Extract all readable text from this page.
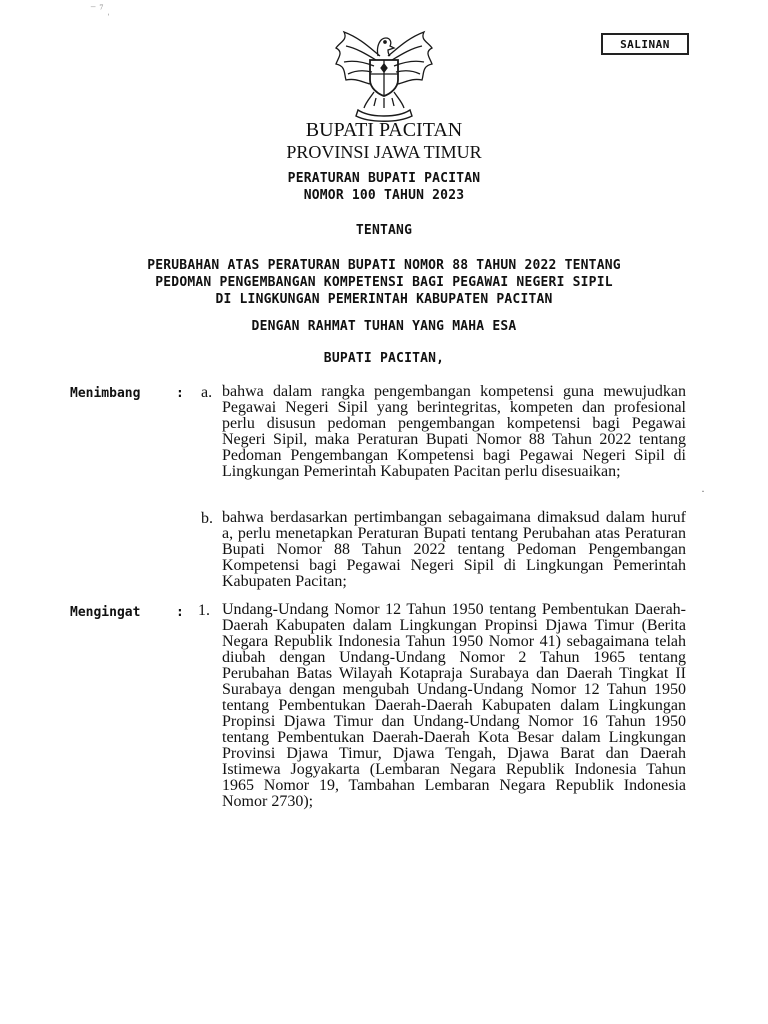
SALINAN
⁻ ⁷ ˌ
BUPATI PACITAN
PROVINSI JAWA TIMUR
PERATURAN BUPATI PACITAN
NOMOR 100 TAHUN 2023
TENTANG
PERUBAHAN ATAS PERATURAN BUPATI NOMOR 88 TAHUN 2022 TENTANG
PEDOMAN PENGEMBANGAN KOMPETENSI BAGI PEGAWAI NEGERI SIPIL
DI LINGKUNGAN PEMERINTAH KABUPATEN PACITAN
DENGAN RAHMAT TUHAN YANG MAHA ESA
BUPATI PACITAN,
Menimbang	: a. bahwa dalam rangka pengembangan kompetensi guna mewujudkan Pegawai Negeri Sipil yang berintegritas, kompeten dan profesional perlu disusun pedoman pengembangan kompetensi bagi Pegawai Negeri Sipil, maka Peraturan Bupati Nomor 88 Tahun 2022 tentang Pedoman Pengembangan Kompetensi bagi Pegawai Negeri Sipil di Lingkungan Pemerintah Kabupaten Pacitan perlu disesuaikan;
b. bahwa berdasarkan pertimbangan sebagaimana dimaksud dalam huruf a, perlu menetapkan Peraturan Bupati tentang Perubahan atas Peraturan Bupati Nomor 88 Tahun 2022 tentang Pedoman Pengembangan Kompetensi bagi Pegawai Negeri Sipil di Lingkungan Pemerintah Kabupaten Pacitan;
·
Mengingat	: 1. Undang-Undang Nomor 12 Tahun 1950 tentang Pembentukan Daerah-Daerah Kabupaten dalam Lingkungan Propinsi Djawa Timur (Berita Negara Republik Indonesia Tahun 1950 Nomor 41) sebagaimana telah diubah dengan Undang-Undang Nomor 2 Tahun 1965 tentang Perubahan Batas Wilayah Kotapraja Surabaya dan Daerah Tingkat II Surabaya dengan mengubah Undang-Undang Nomor 12 Tahun 1950 tentang Pembentukan Daerah-Daerah Kabupaten dalam Lingkungan Propinsi Djawa Timur dan Undang-Undang Nomor 16 Tahun 1950 tentang Pembentukan Daerah-Daerah Kota Besar dalam Lingkungan Provinsi Djawa Timur, Djawa Tengah, Djawa Barat dan Daerah Istimewa Jogyakarta (Lembaran Negara Republik Indonesia Tahun 1965 Nomor 19, Tambahan Lembaran Negara Republik Indonesia Nomor 2730);
